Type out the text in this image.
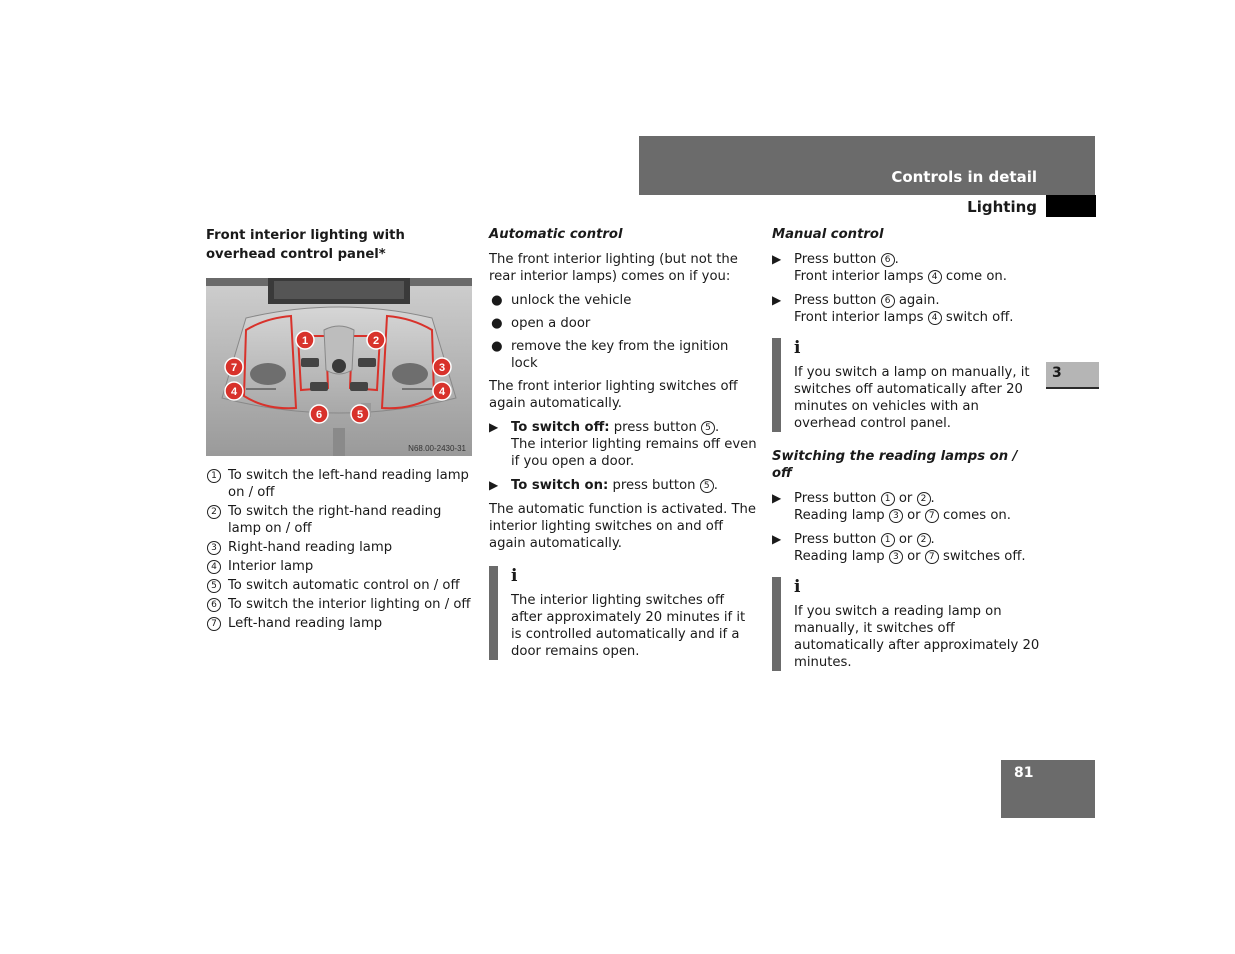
Controls in detail
Lighting
3
81
Front interior lighting with overhead control panel*
1	2
7	3
4	4
6	5
N68.00-2430-31
1 To switch the left-hand reading lamp on / off
2 To switch the right-hand reading lamp on / off
3 Right-hand reading lamp
4 Interior lamp
5 To switch automatic control on / off
6 To switch the interior lighting on / off
7 Left-hand reading lamp
Automatic control

The front interior lighting (but not the rear interior lamps) comes on if you:

● unlock the vehicle
● open a door
● remove the key from the ignition lock

The front interior lighting switches off again automatically.

▶ To switch off: press button 5 .
The interior lighting remains off even if you open a door.
▶ To switch on: press button 5 .

The automatic function is activated. The interior lighting switches on and off again automatically.

i
The interior lighting switches off after approximately 20 minutes if it is controlled automatically and if a door remains open.
Manual control
▶ Press button 6 .
Front interior lamps 4 come on.
▶ Press button 6 again.
Front interior lamps 4 switch off.
i
If you switch a lamp on manually, it switches off automatically after 20 minutes on vehicles with an overhead control panel.
Switching the reading lamps on / off
▶ Press button 1 or 2 .
Reading lamp 3 or 7 comes on.
▶ Press button 1 or 2 .
Reading lamp 3 or 7 switches off.
i
If you switch a reading lamp on manually, it switches off automatically after approximately 20 minutes.
